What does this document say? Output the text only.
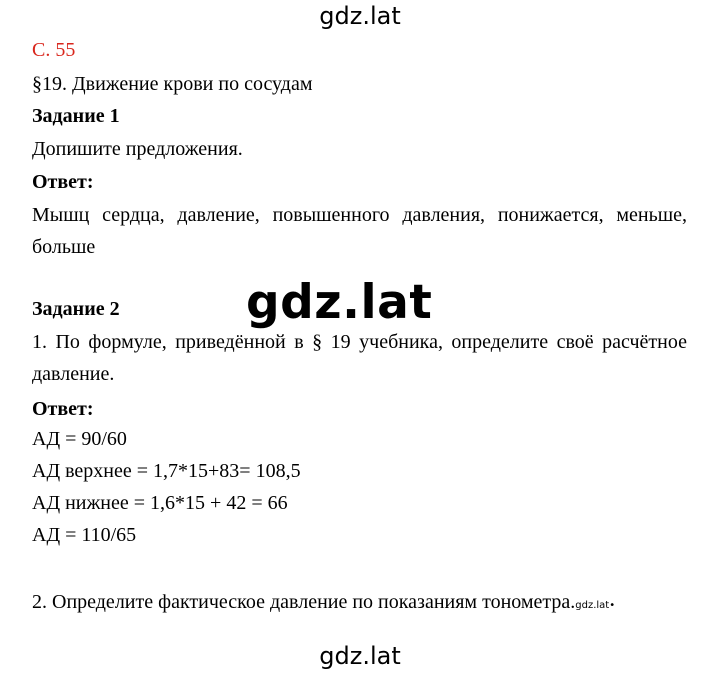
gdz.lat
С. 55
§19. Движение крови по сосудам
Задание 1
Допишите предложения.
Ответ:
Мышц сердца, давление, повышенного давления, понижается, меньше, больше
Задание 2	gdz.lat
1. По формуле, приведённой в § 19 учебника, определите своё расчётное давление.
Ответ:
АД = 90/60
АД верхнее = 1,7*15+83= 108,5
АД нижнее = 1,6*15 + 42 = 66
АД = 110/65
2. Определите фактическое давление по показаниям тонометра.gdz.lat•
gdz.lat
